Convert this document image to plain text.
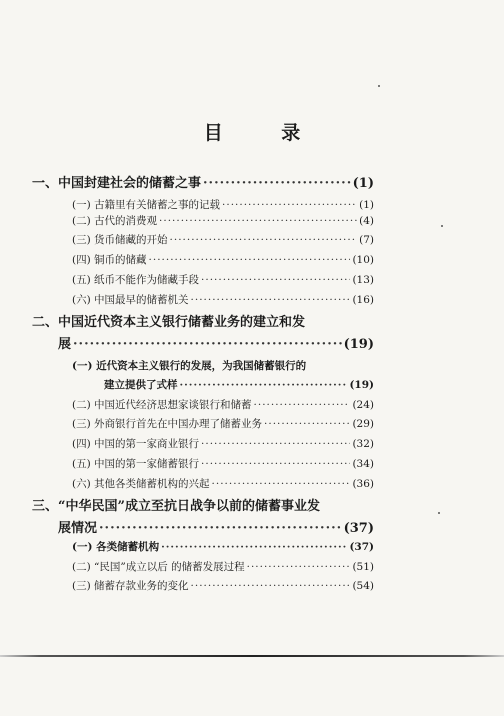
目 录
一、中国封建社会的储蓄之事 ·····	(1)
(一) 古籍里有关储蓄之事的记载 ·····	(1)
(二) 古代的消费观 ·····	(4)
(三) 货币储藏的开始 ·····	(7)
(四) 铜币的储藏 ·····	(10)
(五) 纸币不能作为储藏手段 ·····	(13)
(六) 中国最早的储蓄机关 ·····	(16)
二、中国近代资本主义银行储蓄业务的建立和发
展 ·····	(19)
(一) 近代资本主义银行的发展，为我国储蓄银行的
建立提供了式样 ·····	(19)
(二) 中国近代经济思想家谈银行和储蓄 ·····	(24)
(三) 外商银行首先在中国办理了储蓄业务 ·····	(29)
(四) 中国的第一家商业银行 ·····	(32)
(五) 中国的第一家储蓄银行 ·····	(34)
(六) 其他各类储蓄机构的兴起 ·····	(36)
三、“中华民国”成立至抗日战争以前的储蓄事业发
展情况 ·····	(37)
(一) 各类储蓄机构 ·····	(37)
(二) “民国”成立以后 的储蓄发展过程 ·····	(51)
(三) 储蓄存款业务的变化 ·····	(54)
